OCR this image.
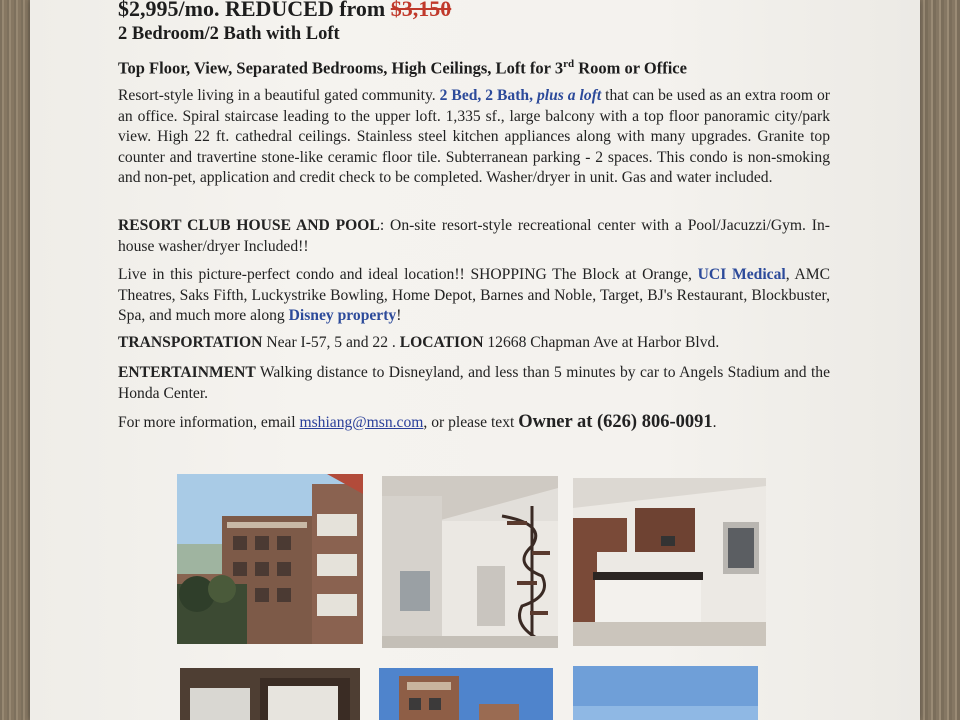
$2,995/mo. REDUCED from $3,150
2 Bedroom/2 Bath with Loft
Top Floor, View, Separated Bedrooms, High Ceilings, Loft for 3rd Room or Office
Resort-style living in a beautiful gated community. 2 Bed, 2 Bath, plus a loft that can be used as an extra room or an office. Spiral staircase leading to the upper loft. 1,335 sf., large balcony with a top floor panoramic city/park view. High 22 ft. cathedral ceilings. Stainless steel kitchen appliances along with many upgrades. Granite top counter and travertine stone-like ceramic floor tile. Subterranean parking - 2 spaces. This condo is non-smoking and non-pet, application and credit check to be completed. Washer/dryer in unit. Gas and water included.
RESORT CLUB HOUSE AND POOL: On-site resort-style recreational center with a Pool/Jacuzzi/Gym. In-house washer/dryer Included!!
Live in this picture-perfect condo and ideal location!! SHOPPING The Block at Orange, UCI Medical, AMC Theatres, Saks Fifth, Luckystrike Bowling, Home Depot, Barnes and Noble, Target, BJ's Restaurant, Blockbuster, Spa, and much more along Disney property!
TRANSPORTATION Near I-57, 5 and 22 . LOCATION 12668 Chapman Ave at Harbor Blvd.
ENTERTAINMENT Walking distance to Disneyland, and less than 5 minutes by car to Angels Stadium and the Honda Center.
For more information, email mshiang@msn.com, or please text Owner at (626) 806-0091.
